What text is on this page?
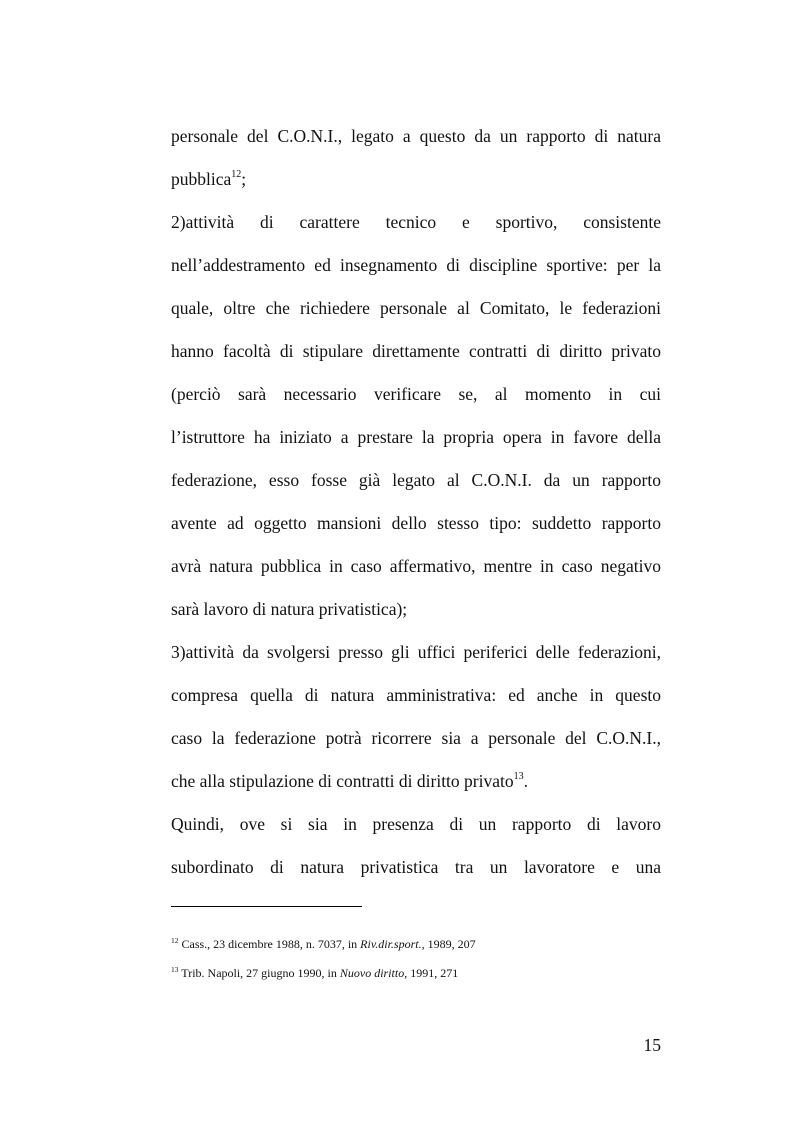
personale del C.O.N.I., legato a questo da un rapporto di natura
pubblica$^{12}$;
2)attività di carattere tecnico e sportivo, consistente
nell’addestramento ed insegnamento di discipline sportive: per la
quale, oltre che richiedere personale al Comitato, le federazioni
hanno facoltà di stipulare direttamente contratti di diritto privato
(perciò sarà necessario verificare se, al momento in cui
l’istruttore ha iniziato a prestare la propria opera in favore della
federazione, esso fosse già legato al C.O.N.I. da un rapporto
avente ad oggetto mansioni dello stesso tipo: suddetto rapporto
avrà natura pubblica in caso affermativo, mentre in caso negativo
sarà lavoro di natura privatistica);
3)attività da svolgersi presso gli uffici periferici delle federazioni,
compresa quella di natura amministrativa: ed anche in questo
caso la federazione potrà ricorrere sia a personale del C.O.N.I.,
che alla stipulazione di contratti di diritto privato$^{13}$.
Quindi, ove si sia in presenza di un rapporto di lavoro
subordinato di natura privatistica tra un lavoratore e una
$^{12}$ Cass., 23 dicembre 1988, n. 7037, in Riv.dir.sport., 1989, 207
$^{13}$ Trib. Napoli, 27 giugno 1990, in Nuovo diritto, 1991, 271
15
